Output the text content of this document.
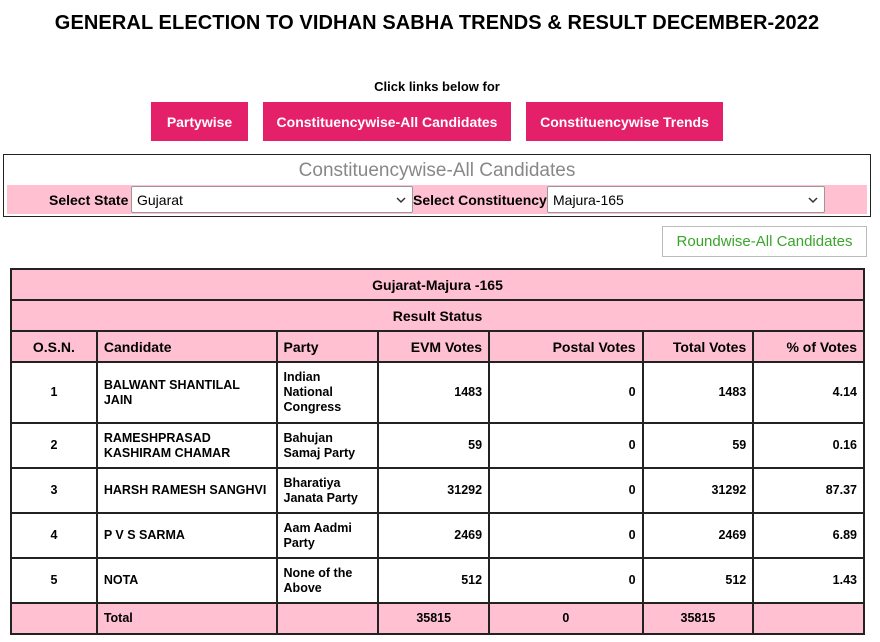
GENERAL ELECTION TO VIDHAN SABHA TRENDS & RESULT DECEMBER-2022
Click links below for
Partywise	Constituencywise-All Candidates	Constituencywise Trends
Constituencywise-All Candidates
Select State Gujarat	Select Constituency Majura-165
Roundwise-All Candidates
Gujarat-Majura -165						
Result Status						
O.S.N.	Candidate	Party	EVM Votes	Postal Votes	Total Votes	% of Votes
1	BALWANT SHANTILAL JAIN	Indian National Congress	1483	0	1483	4.14
2	RAMESHPRASAD KASHIRAM CHAMAR	Bahujan Samaj Party	59	0	59	0.16
3	HARSH RAMESH SANGHVI	Bharatiya Janata Party	31292	0	31292	87.37
4	P V S SARMA	Aam Aadmi Party	2469	0	2469	6.89
5	NOTA	None of the Above	512	0	512	1.43
	Total		35815	0	35815	
